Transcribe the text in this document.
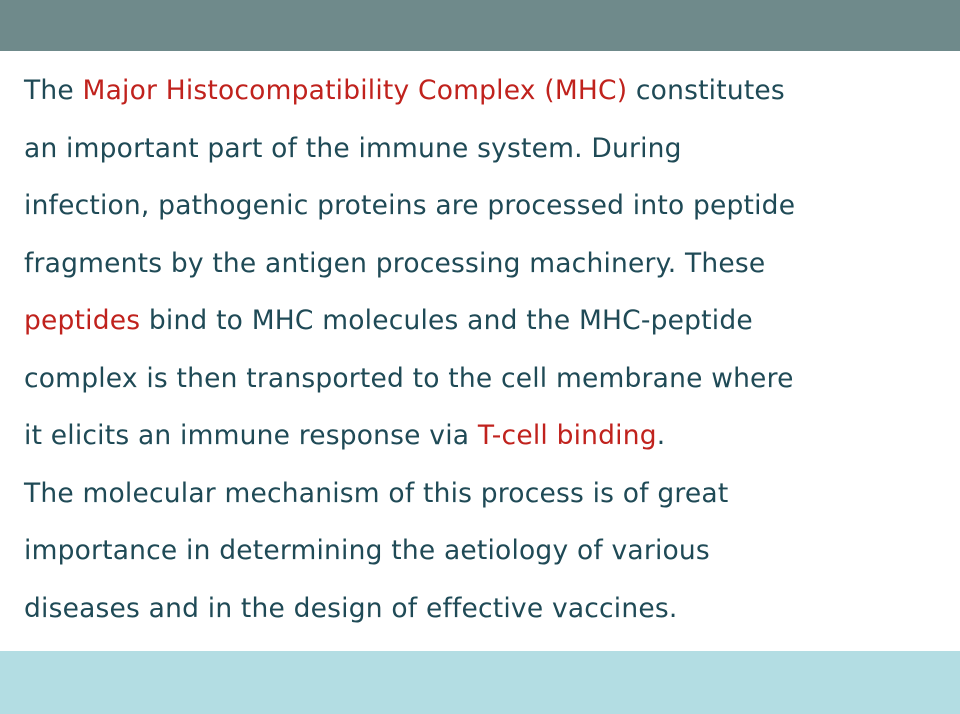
The Major Histocompatibility Complex (MHC) constitutes
an important part of the immune system. During
infection, pathogenic proteins are processed into peptide
fragments by the antigen processing machinery. These
peptides bind to MHC molecules and the MHC-peptide
complex is then transported to the cell membrane where
it elicits an immune response via T-cell binding.
The molecular mechanism of this process is of great
importance in determining the aetiology of various
diseases and in the design of effective vaccines.
